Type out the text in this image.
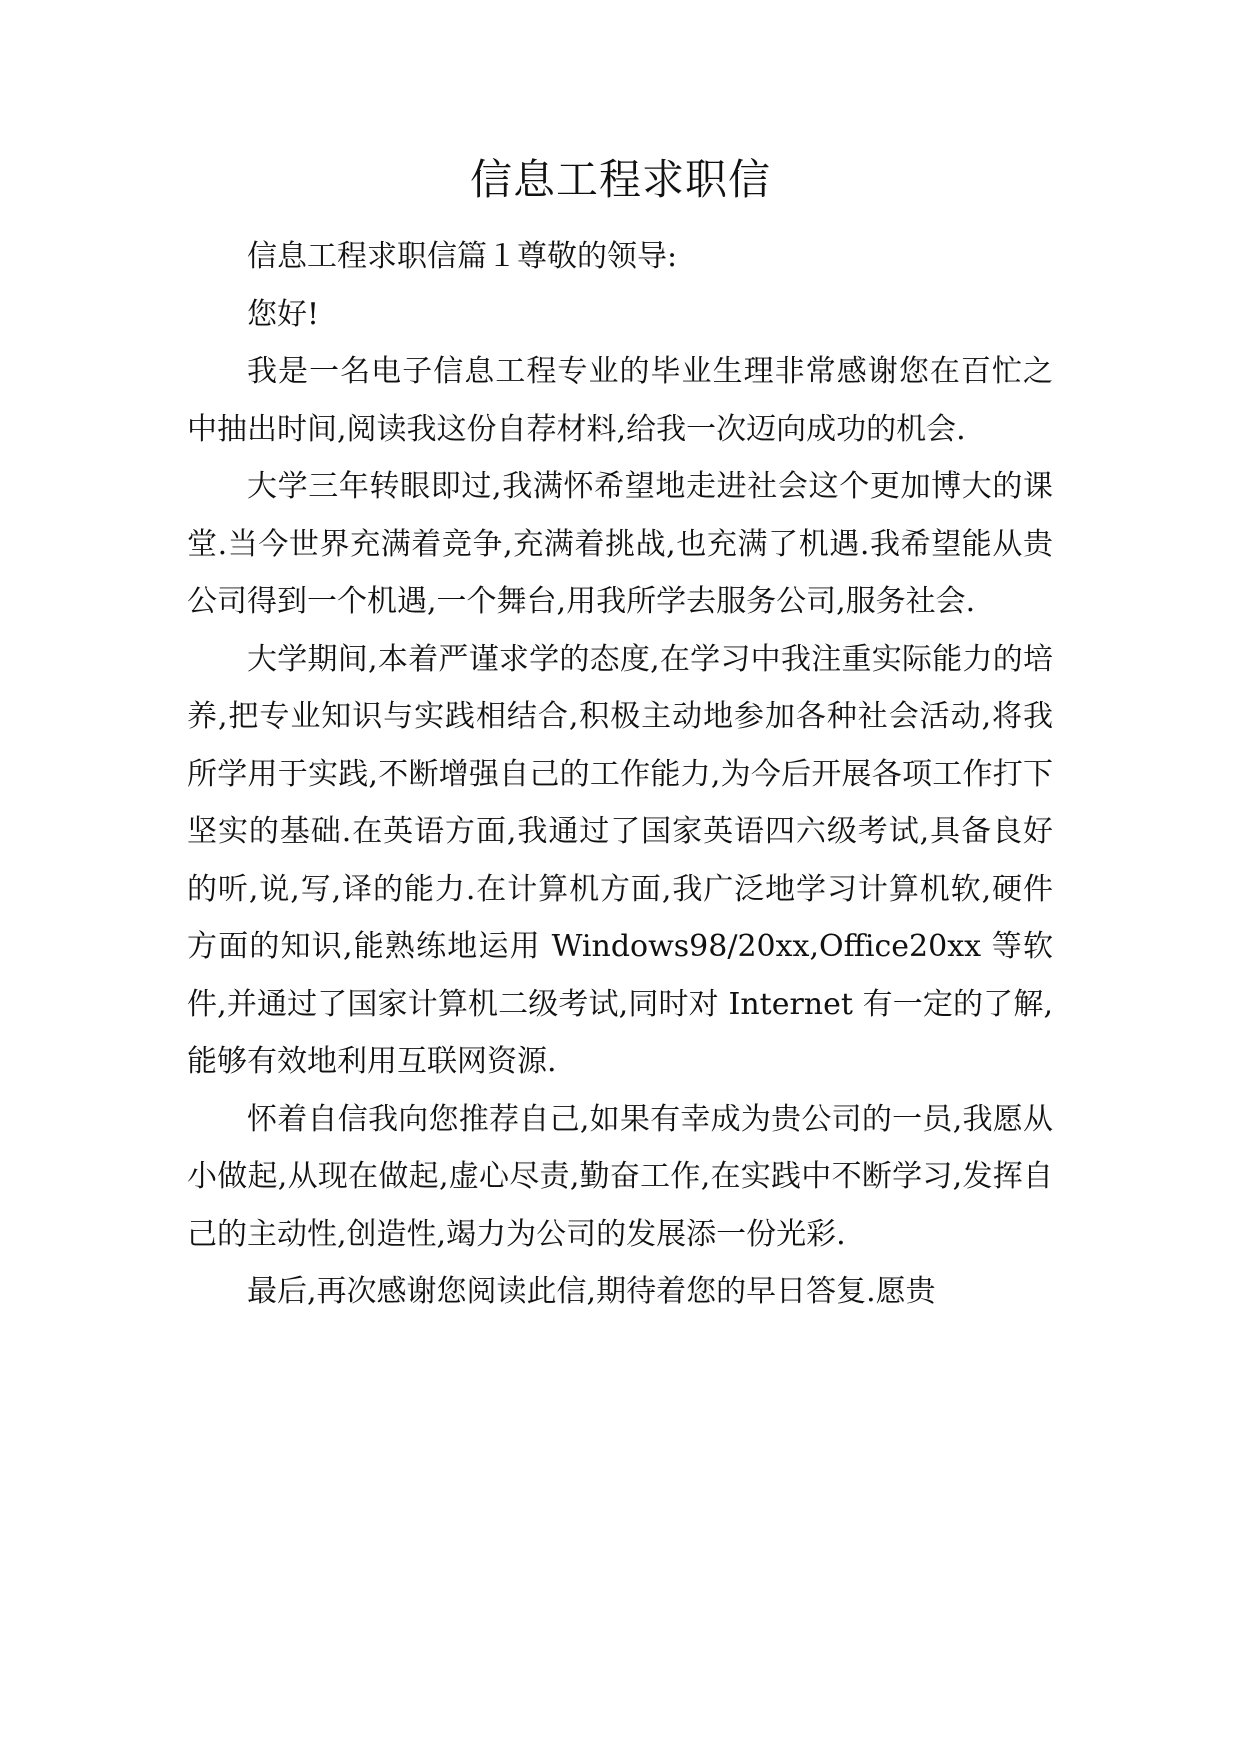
信息工程求职信

信息工程求职信篇１尊敬的领导:

您好!

我是一名电子信息工程专业的毕业生理非常感谢您在百忙之中抽出时间,阅读我这份自荐材料,给我一次迈向成功的机会.

大学三年转眼即过,我满怀希望地走进社会这个更加博大的课堂.当今世界充满着竞争,充满着挑战,也充满了机遇.我希望能从贵公司得到一个机遇,一个舞台,用我所学去服务公司,服务社会.

大学期间,本着严谨求学的态度,在学习中我注重实际能力的培养,把专业知识与实践相结合,积极主动地参加各种社会活动,将我所学用于实践,不断增强自己的工作能力,为今后开展各项工作打下坚实的基础.在英语方面,我通过了国家英语四六级考试,具备良好的听,说,写,译的能力.在计算机方面,我广泛地学习计算机软,硬件方面的知识,能熟练地运用 Windows98/20xx,Office20xx 等软件,并通过了国家计算机二级考试,同时对 Internet 有一定的了解,能够有效地利用互联网资源.

怀着自信我向您推荐自己,如果有幸成为贵公司的一员,我愿从小做起,从现在做起,虚心尽责,勤奋工作,在实践中不断学习,发挥自己的主动性,创造性,竭力为公司的发展添一份光彩.

最后,再次感谢您阅读此信,期待着您的早日答复.愿贵
